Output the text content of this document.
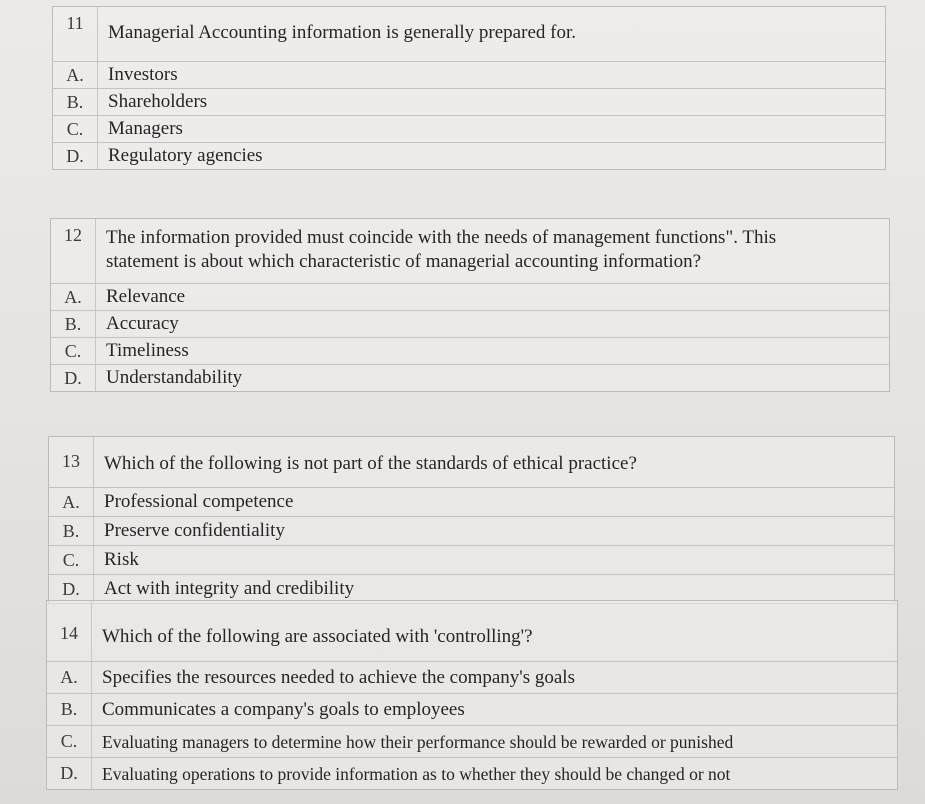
11	Managerial Accounting information is generally prepared for.
A.	Investors
B.	Shareholders
C.	Managers
D.	Regulatory agencies
12	The information provided must coincide with the needs of management functions". This statement is about which characteristic of managerial accounting information?
A.	Relevance
B.	Accuracy
C.	Timeliness
D.	Understandability
13	Which of the following is not part of the standards of ethical practice?
A.	Professional competence
B.	Preserve confidentiality
C.	Risk
D.	Act with integrity and credibility
14	Which of the following are associated with 'controlling'?
A.	Specifies the resources needed to achieve the company's goals
B.	Communicates a company's goals to employees
C.	Evaluating managers to determine how their performance should be rewarded or punished
D.	Evaluating operations to provide information as to whether they should be changed or not
